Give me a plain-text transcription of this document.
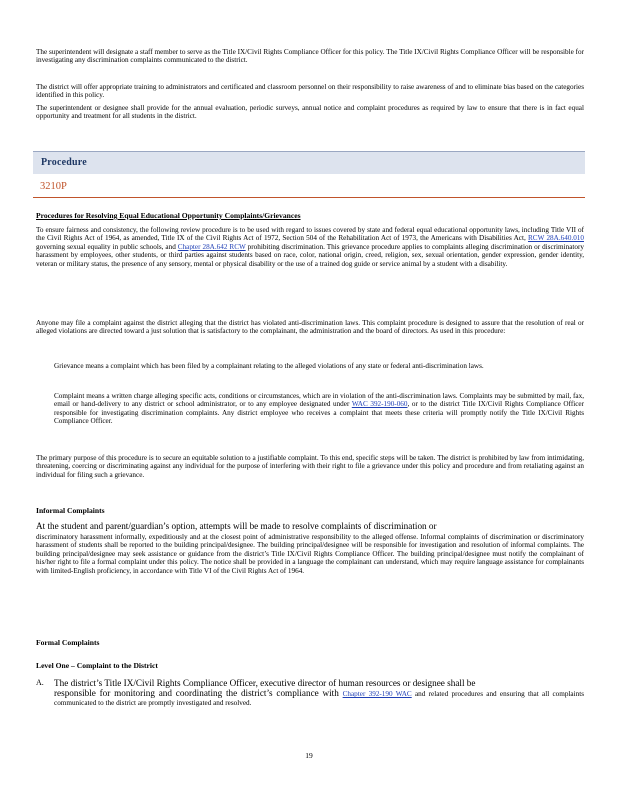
The superintendent will designate a staff member to serve as the Title IX/Civil Rights Compliance Officer for this policy. The Title IX/Civil Rights Compliance Officer will be responsible for investigating any discrimination complaints communicated to the district.

The district will offer appropriate training to administrators and certificated and classroom personnel on their responsibility to raise awareness of and to eliminate bias based on the categories identified in this policy.

The superintendent or designee shall provide for the annual evaluation, periodic surveys, annual notice and complaint procedures as required by law to ensure that there is in fact equal opportunity and treatment for all students in the district.

Procedure
3210P

Procedures for Resolving Equal Educational Opportunity Complaints/Grievances

To ensure fairness and consistency, the following review procedure is to be used with regard to issues covered by state and federal equal educational opportunity laws, including Title VII of the Civil Rights Act of 1964, as amended, Title IX of the Civil Rights Act of 1972, Section 504 of the Rehabilitation Act of 1973, the Americans with Disabilities Act, RCW 28A.640.010 governing sexual equality in public schools, and Chapter 28A.642 RCW prohibiting discrimination. This grievance procedure applies to complaints alleging discrimination or discriminatory harassment by employees, other students, or third parties against students based on race, color, national origin, creed, religion, sex, sexual orientation, gender expression, gender identity, veteran or military status, the presence of any sensory, mental or physical disability or the use of a trained dog guide or service animal by a student with a disability.

Anyone may file a complaint against the district alleging that the district has violated anti-discrimination laws. This complaint procedure is designed to assure that the resolution of real or alleged violations are directed toward a just solution that is satisfactory to the complainant, the administration and the board of directors. As used in this procedure:

Grievance means a complaint which has been filed by a complainant relating to the alleged violations of any state or federal anti-discrimination laws.

Complaint means a written charge alleging specific acts, conditions or circumstances, which are in violation of the anti-discrimination laws. Complaints may be submitted by mail, fax, email or hand-delivery to any district or school administrator, or to any employee designated under WAC 392-190-060, or to the district Title IX/Civil Rights Compliance Officer responsible for investigating discrimination complaints. Any district employee who receives a complaint that meets these criteria will promptly notify the Title IX/Civil Rights Compliance Officer.

The primary purpose of this procedure is to secure an equitable solution to a justifiable complaint. To this end, specific steps will be taken. The district is prohibited by law from intimidating, threatening, coercing or discriminating against any individual for the purpose of interfering with their right to file a grievance under this policy and procedure and from retaliating against an individual for filing such a grievance.

Informal Complaints

At the student and parent/guardian’s option, attempts will be made to resolve complaints of discrimination or

discriminatory harassment informally, expeditiously and at the closest point of administrative responsibility to the alleged offense. Informal complaints of discrimination or discriminatory harassment of students shall be reported to the building principal/designee. The building principal/designee will be responsible for investigation and resolution of informal complaints. The building principal/designee may seek assistance or guidance from the district’s Title IX/Civil Rights Compliance Officer. The building principal/designee must notify the complainant of his/her right to file a formal complaint under this policy. The notice shall be provided in a language the complainant can understand, which may require language assistance for complainants with limited-English proficiency, in accordance with Title VI of the Civil Rights Act of 1964.

Formal Complaints

Level One – Complaint to the District

A. The district’s Title IX/Civil Rights Compliance Officer, executive director of human resources or designee shall be
responsible for monitoring and coordinating the district’s compliance with Chapter 392-190 WAC and related procedures and ensuring that all complaints communicated to the district are promptly investigated and resolved.

19
